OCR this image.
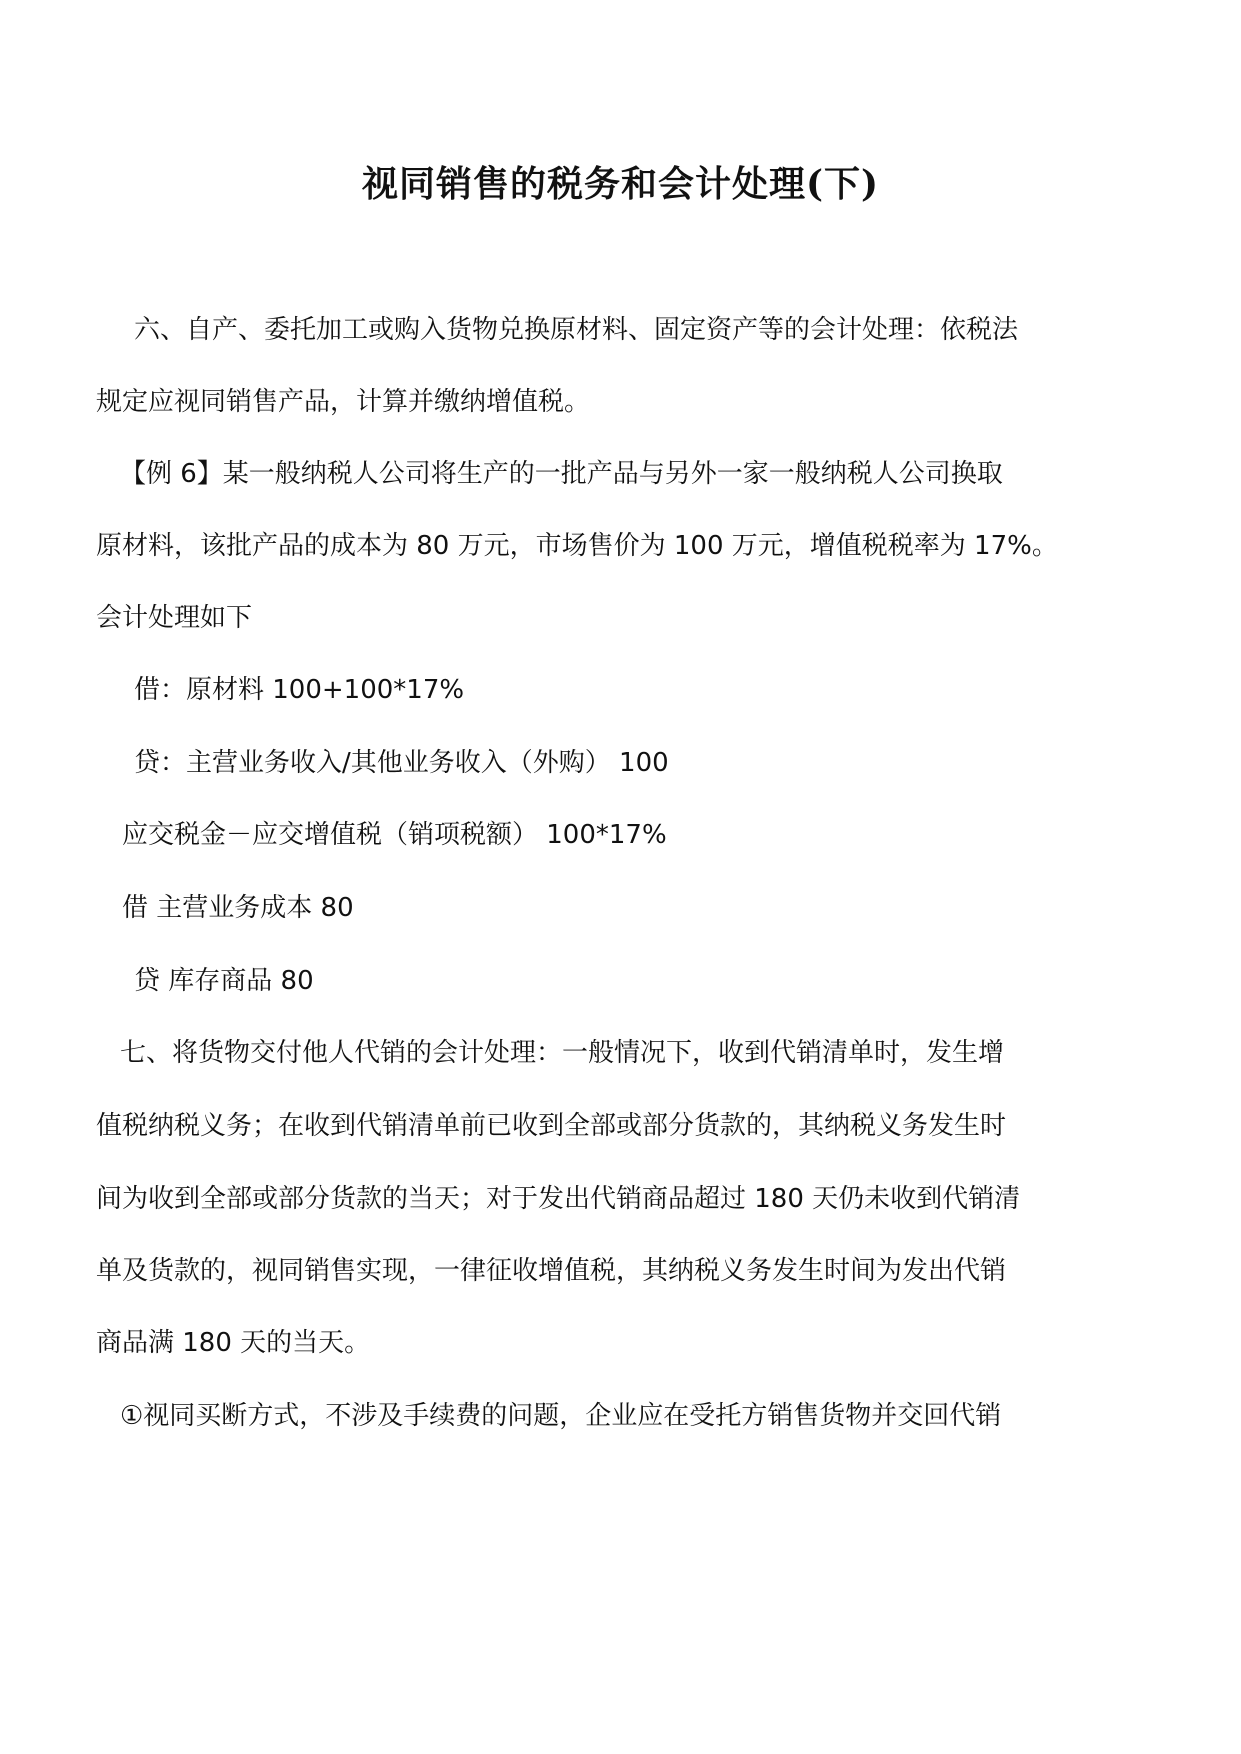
视同销售的税务和会计处理(下)
六、自产、委托加工或购入货物兑换原材料、固定资产等的会计处理：依税法
规定应视同销售产品，计算并缴纳增值税。
【例 6】某一般纳税人公司将生产的一批产品与另外一家一般纳税人公司换取
原材料，该批产品的成本为 80 万元，市场售价为 100 万元，增值税税率为 17%。
会计处理如下
借：原材料 100+100*17%
贷：主营业务收入/其他业务收入（外购） 100
应交税金－应交增值税（销项税额） 100*17%
借 主营业务成本 80
贷 库存商品 80
七、将货物交付他人代销的会计处理：一般情况下，收到代销清单时，发生增
值税纳税义务；在收到代销清单前已收到全部或部分货款的，其纳税义务发生时
间为收到全部或部分货款的当天；对于发出代销商品超过 180 天仍未收到代销清
单及货款的，视同销售实现，一律征收增值税，其纳税义务发生时间为发出代销
商品满 180 天的当天。
①视同买断方式，不涉及手续费的问题，企业应在受托方销售货物并交回代销
